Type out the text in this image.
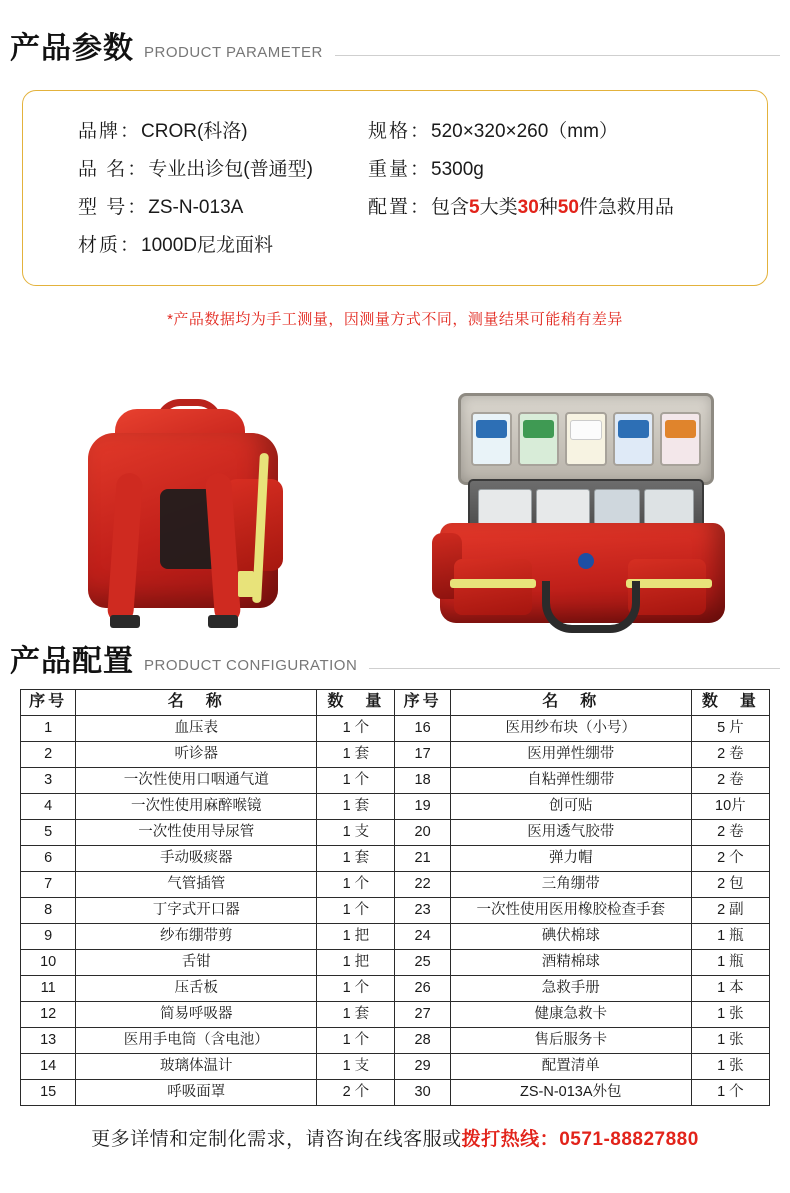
产品参数 PRODUCT PARAMETER
品牌： CROR(科洛)	规格： 520×320×260（mm）
品 名： 专业出诊包(普通型)	重量： 5300g
型 号： ZS-N-013A	配置： 包含5大类30种50件急救用品
材质： 1000D尼龙面料
*产品数据均为手工测量，因测量方式不同，测量结果可能稍有差异
产品配置 PRODUCT CONFIGURATION
序号	名　称	数　量	序号	名　称	数　量
1	血压表	1 个	16	医用纱布块（小号）	5 片
2	听诊器	1 套	17	医用弹性绷带	2 卷
3	一次性使用口咽通气道	1 个	18	自粘弹性绷带	2 卷
4	一次性使用麻醉喉镜	1 套	19	创可贴	10片
5	一次性使用导尿管	1 支	20	医用透气胶带	2 卷
6	手动吸痰器	1 套	21	弹力帽	2 个
7	气管插管	1 个	22	三角绷带	2 包
8	丁字式开口器	1 个	23	一次性使用医用橡胶检查手套	2 副
9	纱布绷带剪	1 把	24	碘伏棉球	1 瓶
10	舌钳	1 把	25	酒精棉球	1 瓶
11	压舌板	1 个	26	急救手册	1 本
12	简易呼吸器	1 套	27	健康急救卡	1 张
13	医用手电筒（含电池）	1 个	28	售后服务卡	1 张
14	玻璃体温计	1 支	29	配置清单	1 张
15	呼吸面罩	2 个	30	ZS-N-013A外包	1 个
更多详情和定制化需求，请咨询在线客服或拨打热线：0571-88827880
